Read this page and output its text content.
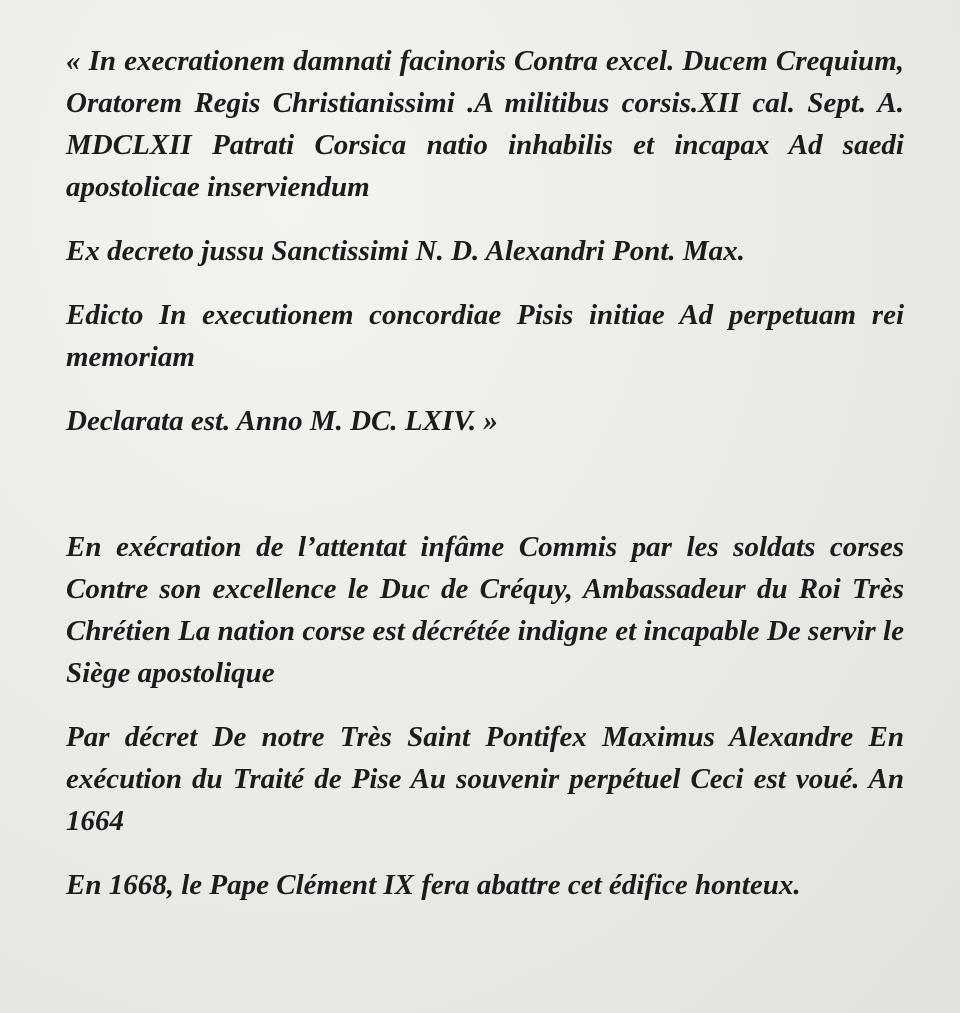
« In execrationem damnati facinoris Contra excel. Ducem Crequium, Oratorem Regis Christianissimi .A militibus corsis.XII cal. Sept. A. MDCLXII Patrati Corsica natio inhabilis et incapax Ad saedi apostolicae inserviendum

Ex decreto jussu Sanctissimi N. D. Alexandri Pont. Max.

Edicto In executionem concordiae Pisis initiae Ad perpetuam rei memoriam

Declarata est. Anno M. DC. LXIV. »

En exécration de l’attentat infâme Commis par les soldats corses Contre son excellence le Duc de Créquy, Ambassadeur du Roi Très Chrétien La nation corse est décrétée indigne et incapable De servir le Siège apostolique

Par décret De notre Très Saint Pontifex Maximus Alexandre En exécution du Traité de Pise Au souvenir perpétuel Ceci est voué. An 1664

En 1668, le Pape Clément IX fera abattre cet édifice honteux.
